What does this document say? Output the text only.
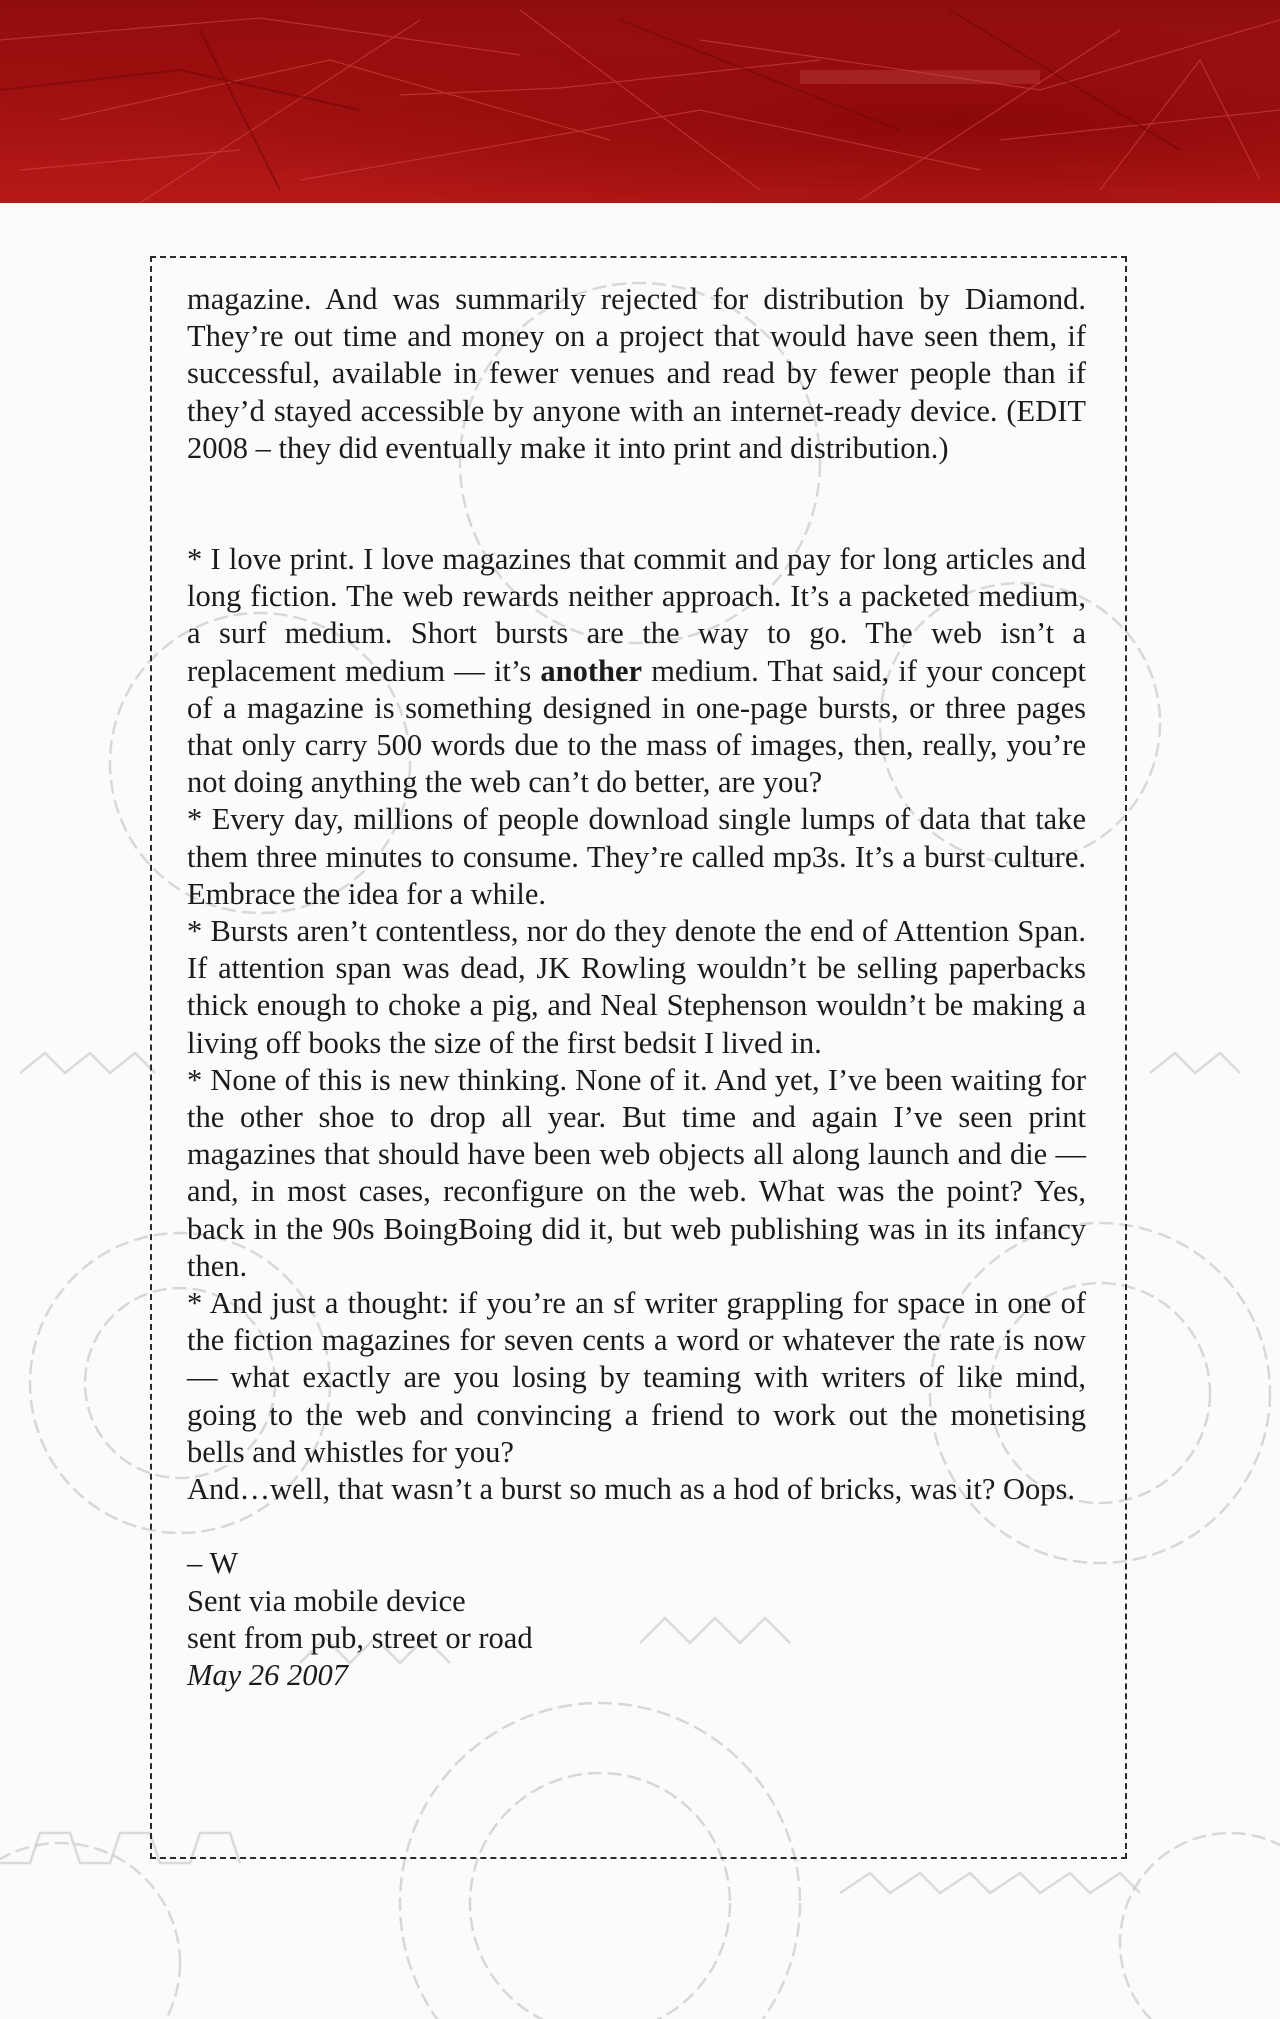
magazine. And was summarily rejected for distribution by Diamond. They’re out time and money on a project that would have seen them, if successful, available in fewer venues and read by fewer people than if they’d stayed accessible by anyone with an internet-ready device. (EDIT 2008 – they did eventually make it into print and distribution.)

* I love print. I love magazines that commit and pay for long articles and long fiction. The web rewards neither approach. It’s a packeted medium, a surf medium. Short bursts are the way to go. The web isn’t a replacement medium — it’s another medium. That said, if your concept of a magazine is something designed in one-page bursts, or three pages that only carry 500 words due to the mass of images, then, really, you’re not doing anything the web can’t do better, are you?

* Every day, millions of people download single lumps of data that take them three minutes to consume. They’re called mp3s. It’s a burst culture. Embrace the idea for a while.

* Bursts aren’t contentless, nor do they denote the end of Attention Span. If attention span was dead, JK Rowling wouldn’t be selling paperbacks thick enough to choke a pig, and Neal Stephenson wouldn’t be making a living off books the size of the first bedsit I lived in.

* None of this is new thinking. None of it. And yet, I’ve been waiting for the other shoe to drop all year. But time and again I’ve seen print magazines that should have been web objects all along launch and die — and, in most cases, reconfigure on the web. What was the point? Yes, back in the 90s BoingBoing did it, but web publishing was in its infancy then.

* And just a thought: if you’re an sf writer grappling for space in one of the fiction magazines for seven cents a word or whatever the rate is now — what exactly are you losing by teaming with writers of like mind, going to the web and convincing a friend to work out the monetising bells and whistles for you?

And…well, that wasn’t a burst so much as a hod of bricks, was it? Oops.

– W

Sent via mobile device

sent from pub, street or road

May 26 2007
